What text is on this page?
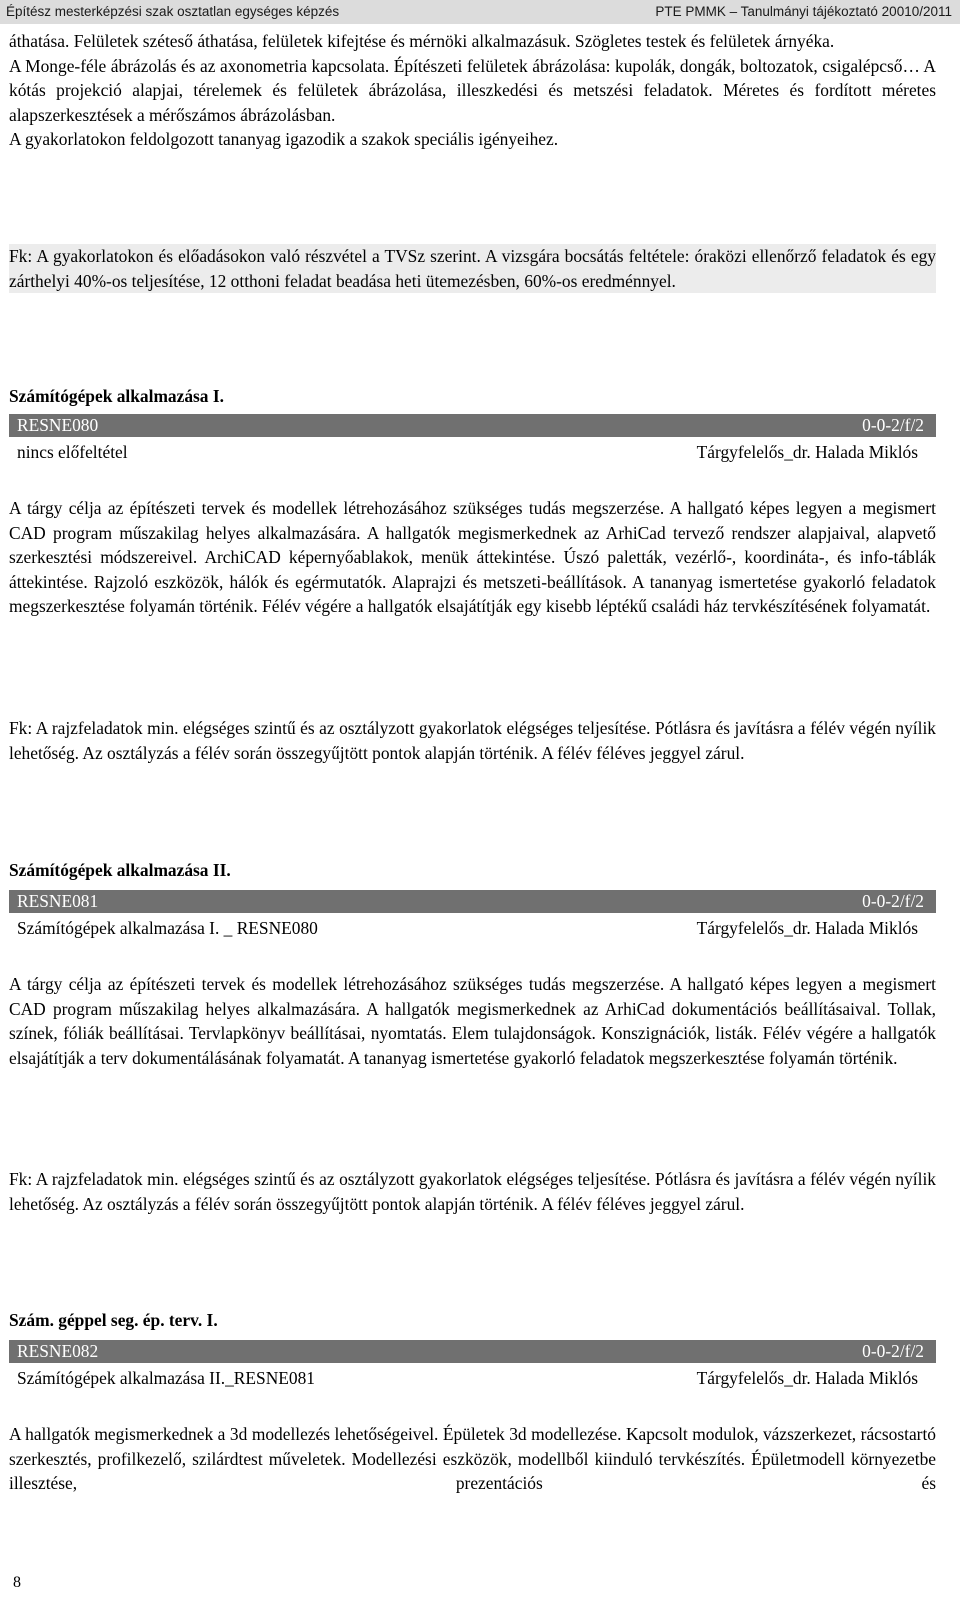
Építész mesterképzési szak osztatlan egységes képzés	PTE PMMK – Tanulmányi tájékoztató 20010/2011

áthatása. Felületek széteső áthatása, felületek kifejtése és mérnöki alkalmazásuk. Szögletes testek és felületek árnyéka.

A Monge-féle ábrázolás és az axonometria kapcsolata. Építészeti felületek ábrázolása: kupolák, dongák, boltozatok, csigalépcső… A kótás projekció alapjai, térelemek és felületek ábrázolása, illeszkedési és metszési feladatok. Méretes és fordított méretes alapszerkesztések a mérőszámos ábrázolásban.

A gyakorlatokon feldolgozott tananyag igazodik a szakok speciális igényeihez.

Fk: A gyakorlatokon és előadásokon való részvétel a TVSz szerint. A vizsgára bocsátás feltétele: óraközi ellenőrző feladatok és egy zárthelyi 40%-os teljesítése, 12 otthoni feladat beadása heti ütemezésben, 60%-os eredménnyel.

Számítógépek alkalmazása I.
RESNE080	0-0-2/f/2
nincs előfeltétel	Tárgyfelelős_dr. Halada Miklós

A tárgy célja az építészeti tervek és modellek létrehozásához szükséges tudás megszerzése. A hallgató képes legyen a megismert CAD program műszakilag helyes alkalmazására. A hallgatók megismerkednek az ArhiCad tervező rendszer alapjaival, alapvető szerkesztési módszereivel. ArchiCAD képernyőablakok, menük áttekintése. Úszó paletták, vezérlő-, koordináta-, és info-táblák áttekintése. Rajzoló eszközök, hálók és egérmutatók. Alaprajzi és metszeti-beállítások. A tananyag ismertetése gyakorló feladatok megszerkesztése folyamán történik. Félév végére a hallgatók elsajátítják egy kisebb léptékű családi ház tervkészítésének folyamatát.

Fk: A rajzfeladatok min. elégséges szintű és az osztályzott gyakorlatok elégséges teljesítése. Pótlásra és javításra a félév végén nyílik lehetőség. Az osztályzás a félév során összegyűjtött pontok alapján történik. A félév féléves jeggyel zárul.

Számítógépek alkalmazása II.
RESNE081	0-0-2/f/2
Számítógépek alkalmazása I. _ RESNE080	Tárgyfelelős_dr. Halada Miklós

A tárgy célja az építészeti tervek és modellek létrehozásához szükséges tudás megszerzése. A hallgató képes legyen a megismert CAD program műszakilag helyes alkalmazására. A hallgatók megismerkednek az ArhiCad dokumentációs beállításaival. Tollak, színek, fóliák beállításai. Tervlapkönyv beállításai, nyomtatás. Elem tulajdonságok. Konszignációk, listák. Félév végére a hallgatók elsajátítják a terv dokumentálásának folyamatát. A tananyag ismertetése gyakorló feladatok megszerkesztése folyamán történik.

Fk: A rajzfeladatok min. elégséges szintű és az osztályzott gyakorlatok elégséges teljesítése. Pótlásra és javításra a félév végén nyílik lehetőség. Az osztályzás a félév során összegyűjtött pontok alapján történik. A félév féléves jeggyel zárul.

Szám. géppel seg. ép. terv. I.
RESNE082	0-0-2/f/2
Számítógépek alkalmazása II._RESNE081	Tárgyfelelős_dr. Halada Miklós

A hallgatók megismerkednek a 3d modellezés lehetőségeivel. Épületek 3d modellezése. Kapcsolt modulok, vázszerkezet, rácsostartó szerkesztés, profilkezelő, szilárdtest műveletek. Modellezési eszközök, modellből kiinduló tervkészítés. Épületmodell környezetbe illesztése, prezentációs és

8
